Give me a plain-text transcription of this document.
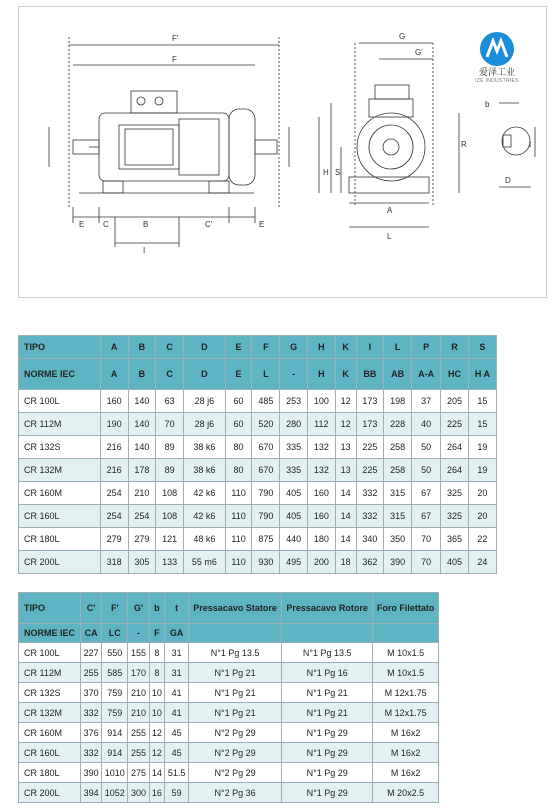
F'
F
E C	B	C'	E
I
G
G'
H S
R
A
L
b
t
D
爱泽工业
IZE INDUSTRIES
TIPO	A	B	C	D	E	F	G	H	K	I	L	P	R	S
NORME IEC	A	B	C	D	E	L	-	H	K	BB	AB	A-A	HC	H A
CR 100L	160	140	63	28 j6	60	485	253	100	12	173	198	37	205	15
CR 112M	190	140	70	28 j6	60	520	280	112	12	173	228	40	225	15
CR 132S	216	140	89	38 k6	80	670	335	132	13	225	258	50	264	19
CR 132M	216	178	89	38 k6	80	670	335	132	13	225	258	50	264	19
CR 160M	254	210	108	42 k6	110	790	405	160	14	332	315	67	325	20
CR 160L	254	254	108	42 k6	110	790	405	160	14	332	315	67	325	20
CR 180L	279	279	121	48 k6	110	875	440	180	14	340	350	70	365	22
CR 200L	318	305	133	55 m6	110	930	495	200	18	362	390	70	405	24
TIPO	C'	F'	G'	b	t	Pressacavo Statore	Pressacavo Rotore	Foro Filettato
NORME IEC	CA	LC	-	F	GA			
CR 100L	227	550	155	8	31	N°1 Pg 13.5	N°1 Pg 13.5	M 10x1.5
CR 112M	255	585	170	8	31	N°1 Pg 21	N°1 Pg 16	M 10x1.5
CR 132S	370	759	210	10	41	N°1 Pg 21	N°1 Pg 21	M 12x1.75
CR 132M	332	759	210	10	41	N°1 Pg 21	N°1 Pg 21	M 12x1.75
CR 160M	376	914	255	12	45	N°2 Pg 29	N°1 Pg 29	M 16x2
CR 160L	332	914	255	12	45	N°2 Pg 29	N°1 Pg 29	M 16x2
CR 180L	390	1010	275	14	51.5	N°2 Pg 29	N°1 Pg 29	M 16x2
CR 200L	394	1052	300	16	59	N°2 Pg 36	N°1 Pg 29	M 20x2.5
